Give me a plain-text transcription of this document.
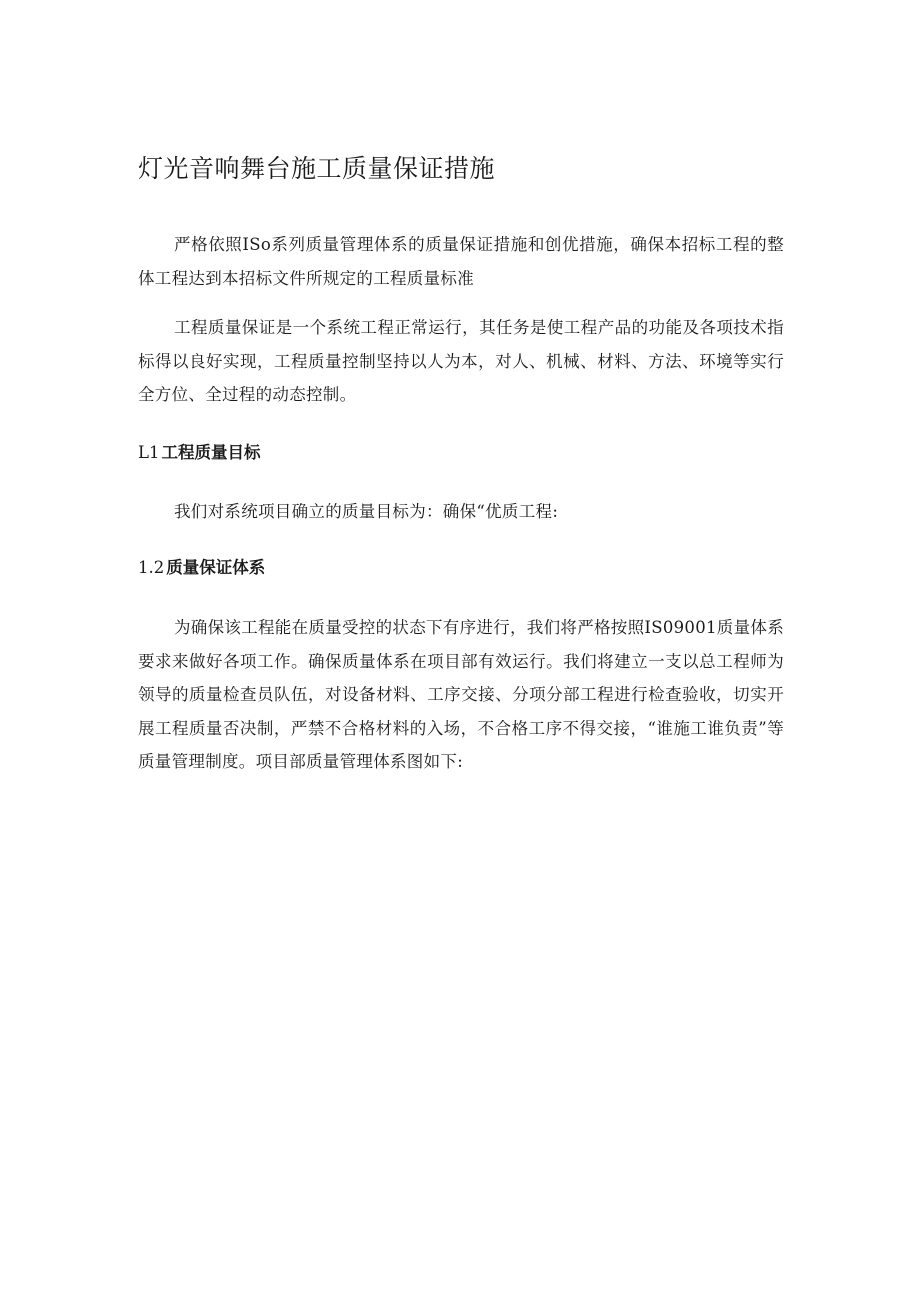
灯光音响舞台施工质量保证措施

严格依照ISo系列质量管理体系的质量保证措施和创优措施，确保本招标工程的整体工程达到本招标文件所规定的工程质量标准

工程质量保证是一个系统工程正常运行，其任务是使工程产品的功能及各项技术指标得以良好实现，工程质量控制坚持以人为本，对人、机械、材料、方法、环境等实行全方位、全过程的动态控制。

L1 工程质量目标

我们对系统项目确立的质量目标为：确保“优质工程:

1.2 质量保证体系

为确保该工程能在质量受控的状态下有序进行，我们将严格按照IS09001质量体系要求来做好各项工作。确保质量体系在项目部有效运行。我们将建立一支以总工程师为领导的质量检查员队伍，对设备材料、工序交接、分项分部工程进行检查验收，切实开展工程质量否决制，严禁不合格材料的入场，不合格工序不得交接，“谁施工谁负责”等质量管理制度。项目部质量管理体系图如下:
